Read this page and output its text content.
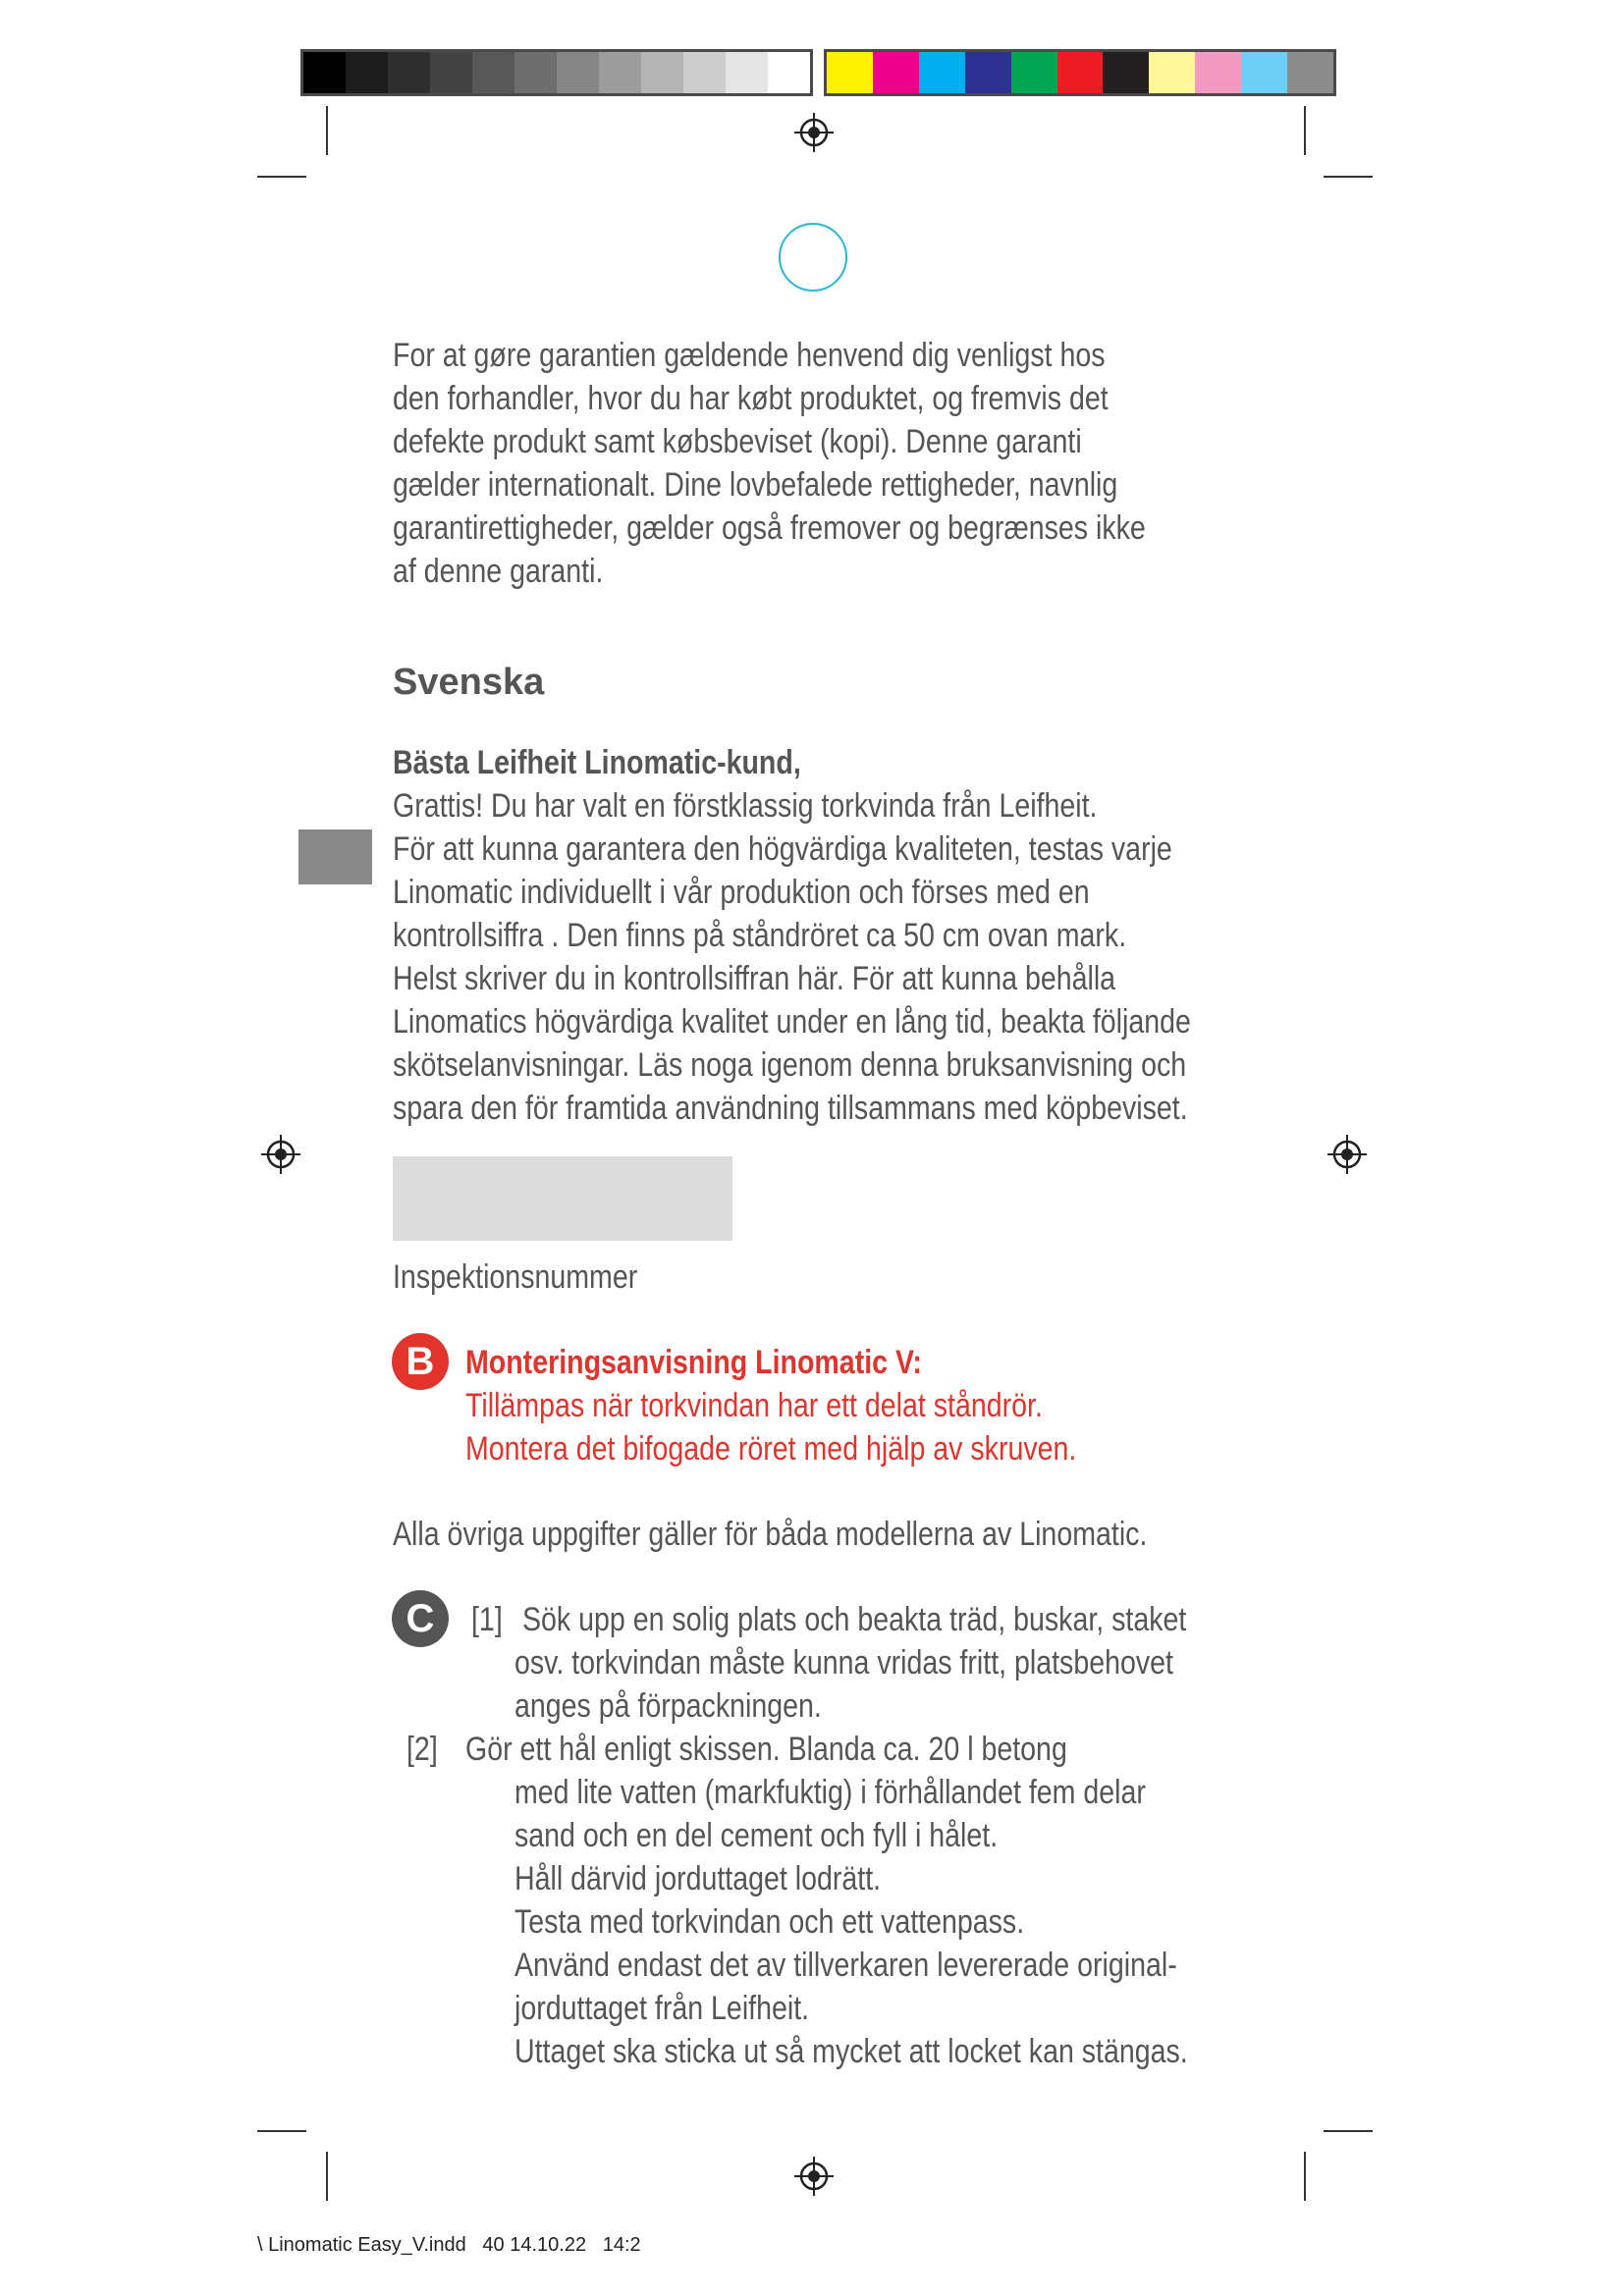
For at gøre garantien gældende henvend dig venligst hos
den forhandler, hvor du har købt produktet, og fremvis det
defekte produkt samt købsbeviset (kopi). Denne garanti
gælder internationalt. Dine lovbefalede rettigheder, navnlig
garantirettigheder, gælder også fremover og begrænses ikke
af denne garanti.
Svenska
Bästa Leifheit Linomatic-kund,
Grattis! Du har valt en förstklassig torkvinda från Leifheit.
För att kunna garantera den högvärdiga kvaliteten, testas varje
Linomatic individuellt i vår produktion och förses med en
kontrollsiffra . Den finns på ståndröret ca 50 cm ovan mark.
Helst skriver du in kontrollsiffran här. För att kunna behålla
Linomatics högvärdiga kvalitet under en lång tid, beakta följande
skötselanvisningar. Läs noga igenom denna bruksanvisning och
spara den för framtida användning tillsammans med köpbeviset.
Inspektionsnummer
B Monteringsanvisning Linomatic V:
Tillämpas när torkvindan har ett delat ståndrör.
Montera det bifogade röret med hjälp av skruven.
Alla övriga uppgifter gäller för båda modellerna av Linomatic.
C	[1] Sök upp en solig plats och beakta träd, buskar, staket
osv. torkvindan måste kunna vridas fritt, platsbehovet
anges på förpackningen.
[2] Gör ett hål enligt skissen. Blanda ca. 20 l betong
med lite vatten (markfuktig) i förhållandet fem delar
sand och en del cement och fyll i hålet.
Håll därvid jorduttaget lodrätt.
Testa med torkvindan och ett vattenpass.
Använd endast det av tillverkaren levererade original-
jorduttaget från Leifheit.
Uttaget ska sticka ut så mycket att locket kan stängas.
\ Linomatic Easy_V.indd 40 14.10.22 14:2
